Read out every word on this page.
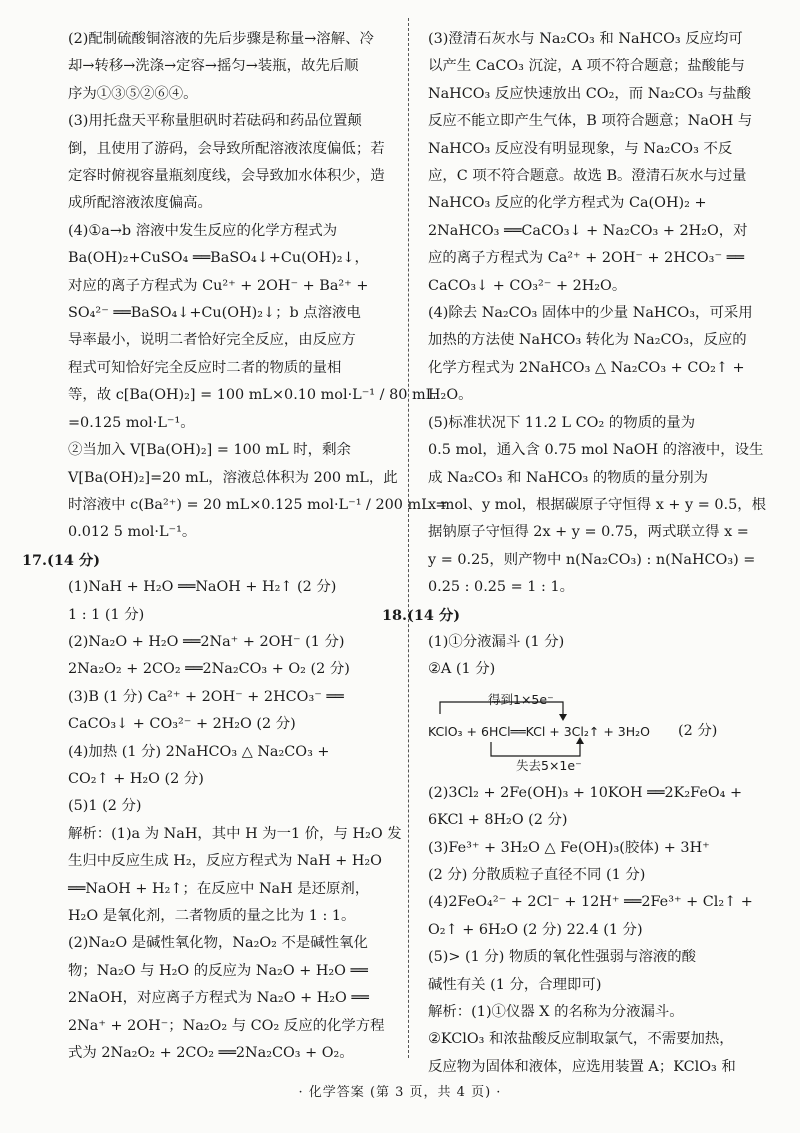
(2)配制硫酸铜溶液的先后步骤是称量→溶解、冷
却→转移→洗涤→定容→摇匀→装瓶，故先后顺
序为①③⑤②⑥④。
(3)用托盘天平称量胆矾时若砝码和药品位置颠
倒，且使用了游码，会导致所配溶液浓度偏低；若
定容时俯视容量瓶刻度线，会导致加水体积少，造
成所配溶液浓度偏高。
(4)①a→b 溶液中发生反应的化学方程式为
Ba(OH)₂+CuSO₄ ══BaSO₄↓+Cu(OH)₂↓，
对应的离子方程式为 Cu²⁺ + 2OH⁻ + Ba²⁺ +
SO₄²⁻ ══BaSO₄↓+Cu(OH)₂↓；b 点溶液电
导率最小，说明二者恰好完全反应，由反应方
程式可知恰好完全反应时二者的物质的量相
等，故 c[Ba(OH)₂] = 100 mL×0.10 mol·L⁻¹ / 80 mL
=0.125 mol·L⁻¹。
②当加入 V[Ba(OH)₂] = 100 mL 时，剩余
V[Ba(OH)₂]=20 mL，溶液总体积为 200 mL，此
时溶液中 c(Ba²⁺) = 20 mL×0.125 mol·L⁻¹ / 200 mL =
0.012 5 mol·L⁻¹。
17.(14 分)
(1)NaH + H₂O ══NaOH + H₂↑ (2 分)
1 : 1 (1 分)
(2)Na₂O + H₂O ══2Na⁺ + 2OH⁻ (1 分)
2Na₂O₂ + 2CO₂ ══2Na₂CO₃ + O₂ (2 分)
(3)B (1 分) Ca²⁺ + 2OH⁻ + 2HCO₃⁻ ══
CaCO₃↓ + CO₃²⁻ + 2H₂O (2 分)
(4)加热 (1 分) 2NaHCO₃ △ Na₂CO₃ +
CO₂↑ + H₂O (2 分)
(5)1 (2 分)
解析：(1)a 为 NaH，其中 H 为一1 价，与 H₂O 发
生归中反应生成 H₂，反应方程式为 NaH + H₂O
══NaOH + H₂↑；在反应中 NaH 是还原剂，
H₂O 是氧化剂，二者物质的量之比为 1 : 1。
(2)Na₂O 是碱性氧化物，Na₂O₂ 不是碱性氧化
物；Na₂O 与 H₂O 的反应为 Na₂O + H₂O ══
2NaOH，对应离子方程式为 Na₂O + H₂O ══
2Na⁺ + 2OH⁻；Na₂O₂ 与 CO₂ 反应的化学方程
式为 2Na₂O₂ + 2CO₂ ══2Na₂CO₃ + O₂。
(3)澄清石灰水与 Na₂CO₃ 和 NaHCO₃ 反应均可
以产生 CaCO₃ 沉淀，A 项不符合题意；盐酸能与
NaHCO₃ 反应快速放出 CO₂，而 Na₂CO₃ 与盐酸
反应不能立即产生气体，B 项符合题意；NaOH 与
NaHCO₃ 反应没有明显现象，与 Na₂CO₃ 不反
应，C 项不符合题意。故选 B。澄清石灰水与过量
NaHCO₃ 反应的化学方程式为 Ca(OH)₂ +
2NaHCO₃ ══CaCO₃↓ + Na₂CO₃ + 2H₂O，对
应的离子方程式为 Ca²⁺ + 2OH⁻ + 2HCO₃⁻ ══
CaCO₃↓ + CO₃²⁻ + 2H₂O。
(4)除去 Na₂CO₃ 固体中的少量 NaHCO₃，可采用
加热的方法使 NaHCO₃ 转化为 Na₂CO₃，反应的
化学方程式为 2NaHCO₃ △ Na₂CO₃ + CO₂↑ +
H₂O。
(5)标准状况下 11.2 L CO₂ 的物质的量为
0.5 mol，通入含 0.75 mol NaOH 的溶液中，设生
成 Na₂CO₃ 和 NaHCO₃ 的物质的量分别为
x mol、y mol，根据碳原子守恒得 x + y = 0.5，根
据钠原子守恒得 2x + y = 0.75，两式联立得 x =
y = 0.25，则产物中 n(Na₂CO₃) : n(NaHCO₃) =
0.25 : 0.25 = 1 : 1。
18.(14 分)
(1)①分液漏斗 (1 分)
②A (1 分)
得到1×5e⁻
KClO₃ + 6HCl══KCl + 3Cl₂↑ + 3H₂O (2 分)
失去5×1e⁻
(2)3Cl₂ + 2Fe(OH)₃ + 10KOH ══2K₂FeO₄ +
6KCl + 8H₂O (2 分)
(3)Fe³⁺ + 3H₂O △ Fe(OH)₃(胶体) + 3H⁺
(2 分) 分散质粒子直径不同 (1 分)
(4)2FeO₄²⁻ + 2Cl⁻ + 12H⁺ ══2Fe³⁺ + Cl₂↑ +
O₂↑ + 6H₂O (2 分) 22.4 (1 分)
(5)> (1 分) 物质的氧化性强弱与溶液的酸
碱性有关 (1 分，合理即可)
解析：(1)①仪器 X 的名称为分液漏斗。
②KClO₃ 和浓盐酸反应制取氯气，不需要加热，
反应物为固体和液体，应选用装置 A；KClO₃ 和
· 化学答案 (第 3 页，共 4 页) ·
